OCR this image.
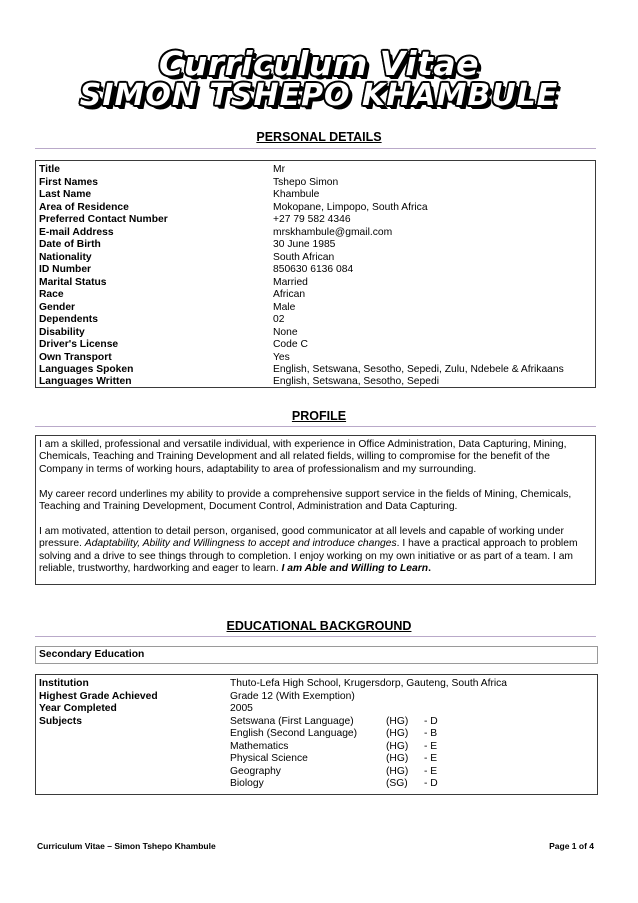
Curriculum Vitae
SIMON TSHEPO KHAMBULE
PERSONAL DETAILS
Title	Mr
First Names	Tshepo Simon
Last Name	Khambule
Area of Residence	Mokopane, Limpopo, South Africa
Preferred Contact Number	+27 79 582 4346
E-mail Address	mrskhambule@gmail.com
Date of Birth	30 June 1985
Nationality	South African
ID Number	850630 6136 084
Marital Status	Married
Race	African
Gender	Male
Dependents	02
Disability	None
Driver's License	Code C
Own Transport	Yes
Languages Spoken	English, Setswana, Sesotho, Sepedi, Zulu, Ndebele & Afrikaans
Languages Written	English, Setswana, Sesotho, Sepedi
PROFILE
I am a skilled, professional and versatile individual, with experience in Office Administration, Data Capturing, Mining, Chemicals, Teaching and Training Development and all related fields, willing to compromise for the benefit of the Company in terms of working hours, adaptability to area of professionalism and my surrounding.
My career record underlines my ability to provide a comprehensive support service in the fields of Mining, Chemicals, Teaching and Training Development, Document Control, Administration and Data Capturing.
I am motivated, attention to detail person, organised, good communicator at all levels and capable of working under pressure. Adaptability, Ability and Willingness to accept and introduce changes. I have a practical approach to problem solving and a drive to see things through to completion. I enjoy working on my own initiative or as part of a team. I am reliable, trustworthy, hardworking and eager to learn. I am Able and Willing to Learn.
EDUCATIONAL BACKGROUND
Secondary Education
Institution	Thuto-Lefa High School, Krugersdorp, Gauteng, South Africa
Highest Grade Achieved	Grade 12 (With Exemption)
Year Completed	2005
Subjects	Setswana (First Language)	(HG) - D
English (Second Language)	(HG) - B
Mathematics	(HG) - E
Physical Science	(HG) - E
Geography	(HG) - E
Biology	(SG) - D
Curriculum Vitae – Simon Tshepo Khambule	Page 1 of 4
